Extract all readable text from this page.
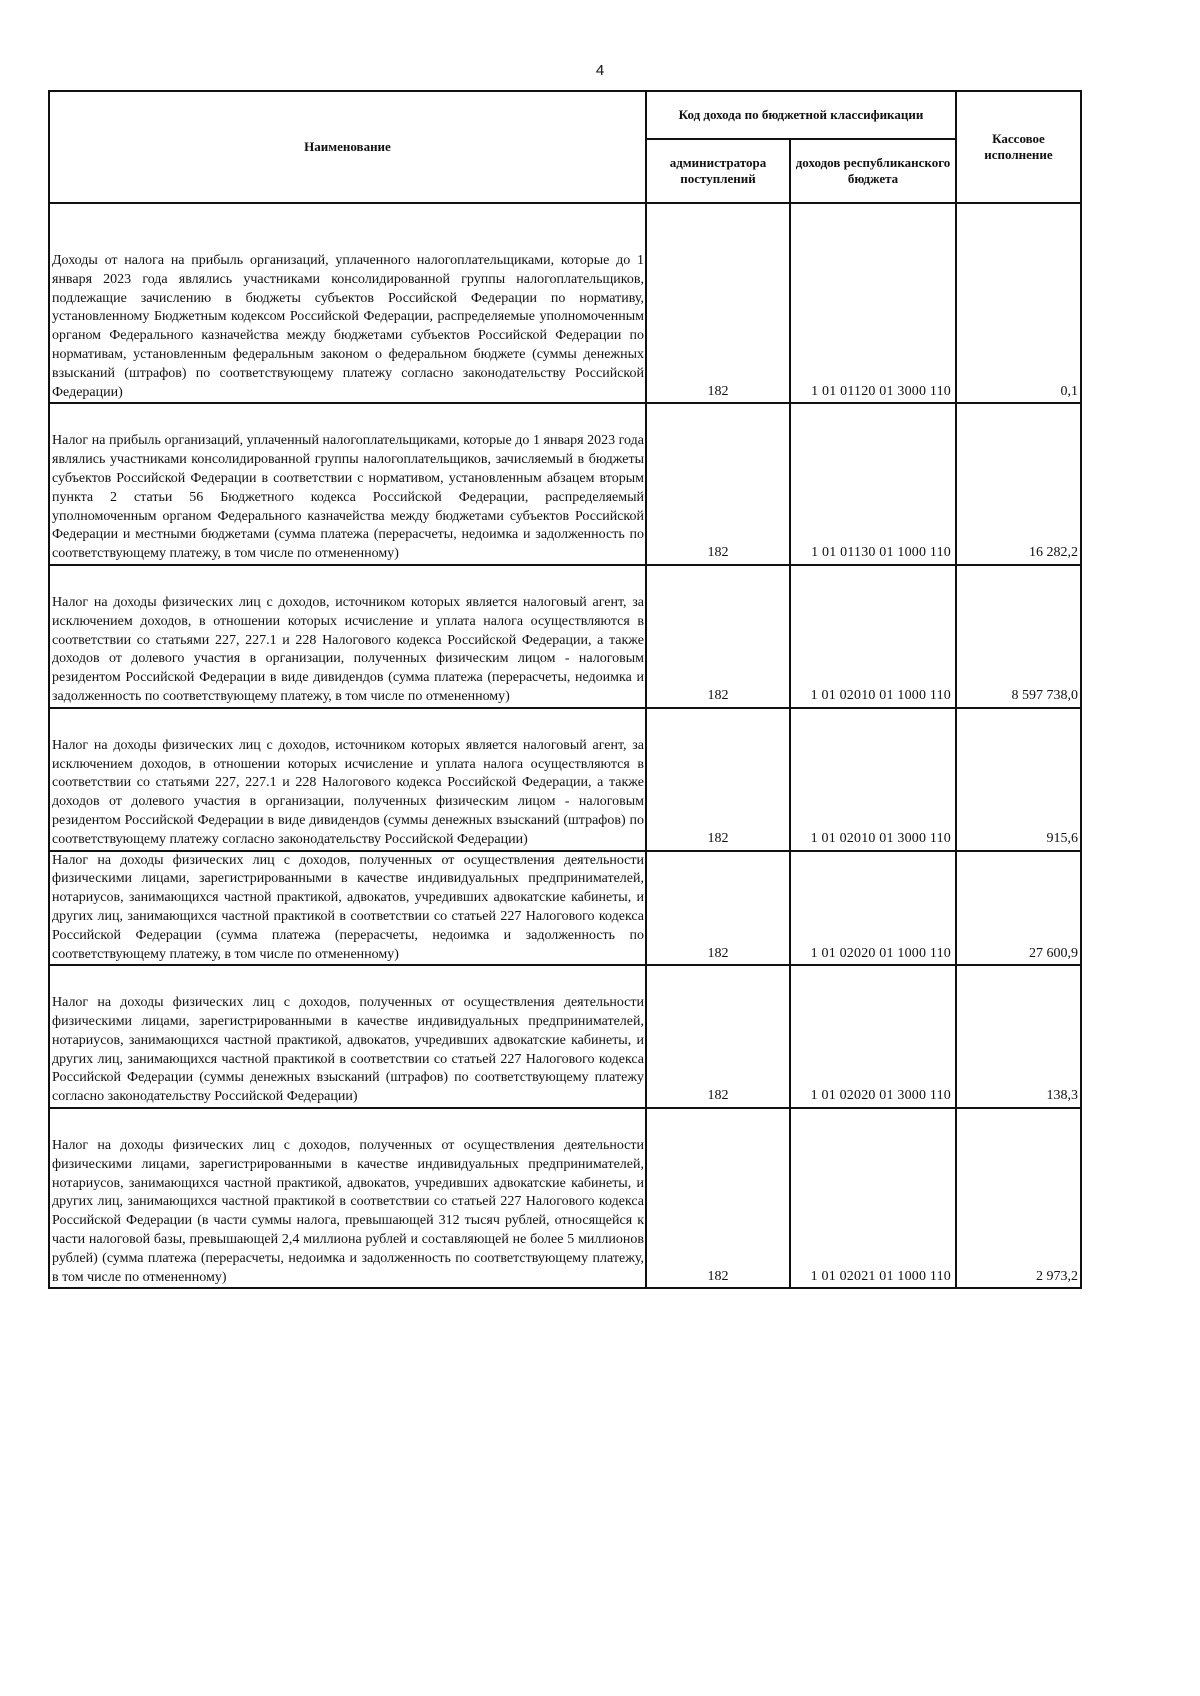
4
Наименование	Код дохода по бюджетной классификации		Кассовое исполнение
	администратора поступлений	доходов республиканского бюджета	
Доходы от налога на прибыль организаций, уплаченного налогоплательщиками, которые до 1 января 2023 года являлись участниками консолидированной группы налогоплательщиков, подлежащие зачислению в бюджеты субъектов Российской Федерации по нормативу, установленному Бюджетным кодексом Российской Федерации, распределяемые уполномоченным органом Федерального казначейства между бюджетами субъектов Российской Федерации по нормативам, установленным федеральным законом о федеральном бюджете (суммы денежных взысканий (штрафов) по соответствующему платежу согласно законодательству Российской Федерации)	182	1 01 01120 01 3000 110	0,1
Налог на прибыль организаций, уплаченный налогоплательщиками, которые до 1 января 2023 года являлись участниками консолидированной группы налогоплательщиков, зачисляемый в бюджеты субъектов Российской Федерации в соответствии с нормативом, установленным абзацем вторым пункта 2 статьи 56 Бюджетного кодекса Российской Федерации, распределяемый уполномоченным органом Федерального казначейства между бюджетами субъектов Российской Федерации и местными бюджетами (сумма платежа (перерасчеты, недоимка и задолженность по соответствующему платежу, в том числе по отмененному)	182	1 01 01130 01 1000 110	16 282,2
Налог на доходы физических лиц с доходов, источником которых является налоговый агент, за исключением доходов, в отношении которых исчисление и уплата налога осуществляются в соответствии со статьями 227, 227.1 и 228 Налогового кодекса Российской Федерации, а также доходов от долевого участия в организации, полученных физическим лицом - налоговым резидентом Российской Федерации в виде дивидендов (сумма платежа (перерасчеты, недоимка и задолженность по соответствующему платежу, в том числе по отмененному)	182	1 01 02010 01 1000 110	8 597 738,0
Налог на доходы физических лиц с доходов, источником которых является налоговый агент, за исключением доходов, в отношении которых исчисление и уплата налога осуществляются в соответствии со статьями 227, 227.1 и 228 Налогового кодекса Российской Федерации, а также доходов от долевого участия в организации, полученных физическим лицом - налоговым резидентом Российской Федерации в виде дивидендов (суммы денежных взысканий (штрафов) по соответствующему платежу согласно законодательству Российской Федерации)	182	1 01 02010 01 3000 110	915,6
Налог на доходы физических лиц с доходов, полученных от осуществления деятельности физическими лицами, зарегистрированными в качестве индивидуальных предпринимателей, нотариусов, занимающихся частной практикой, адвокатов, учредивших адвокатские кабинеты, и других лиц, занимающихся частной практикой в соответствии со статьей 227 Налогового кодекса Российской Федерации (сумма платежа (перерасчеты, недоимка и задолженность по соответствующему платежу, в том числе по отмененному)	182	1 01 02020 01 1000 110	27 600,9
Налог на доходы физических лиц с доходов, полученных от осуществления деятельности физическими лицами, зарегистрированными в качестве индивидуальных предпринимателей, нотариусов, занимающихся частной практикой, адвокатов, учредивших адвокатские кабинеты, и других лиц, занимающихся частной практикой в соответствии со статьей 227 Налогового кодекса Российской Федерации (суммы денежных взысканий (штрафов) по соответствующему платежу согласно законодательству Российской Федерации)	182	1 01 02020 01 3000 110	138,3
Налог на доходы физических лиц с доходов, полученных от осуществления деятельности физическими лицами, зарегистрированными в качестве индивидуальных предпринимателей, нотариусов, занимающихся частной практикой, адвокатов, учредивших адвокатские кабинеты, и других лиц, занимающихся частной практикой в соответствии со статьей 227 Налогового кодекса Российской Федерации (в части суммы налога, превышающей 312 тысяч рублей, относящейся к части налоговой базы, превышающей 2,4 миллиона рублей и составляющей не более 5 миллионов рублей) (сумма платежа (перерасчеты, недоимка и задолженность по соответствующему платежу, в том числе по отмененному)	182	1 01 02021 01 1000 110	2 973,2
